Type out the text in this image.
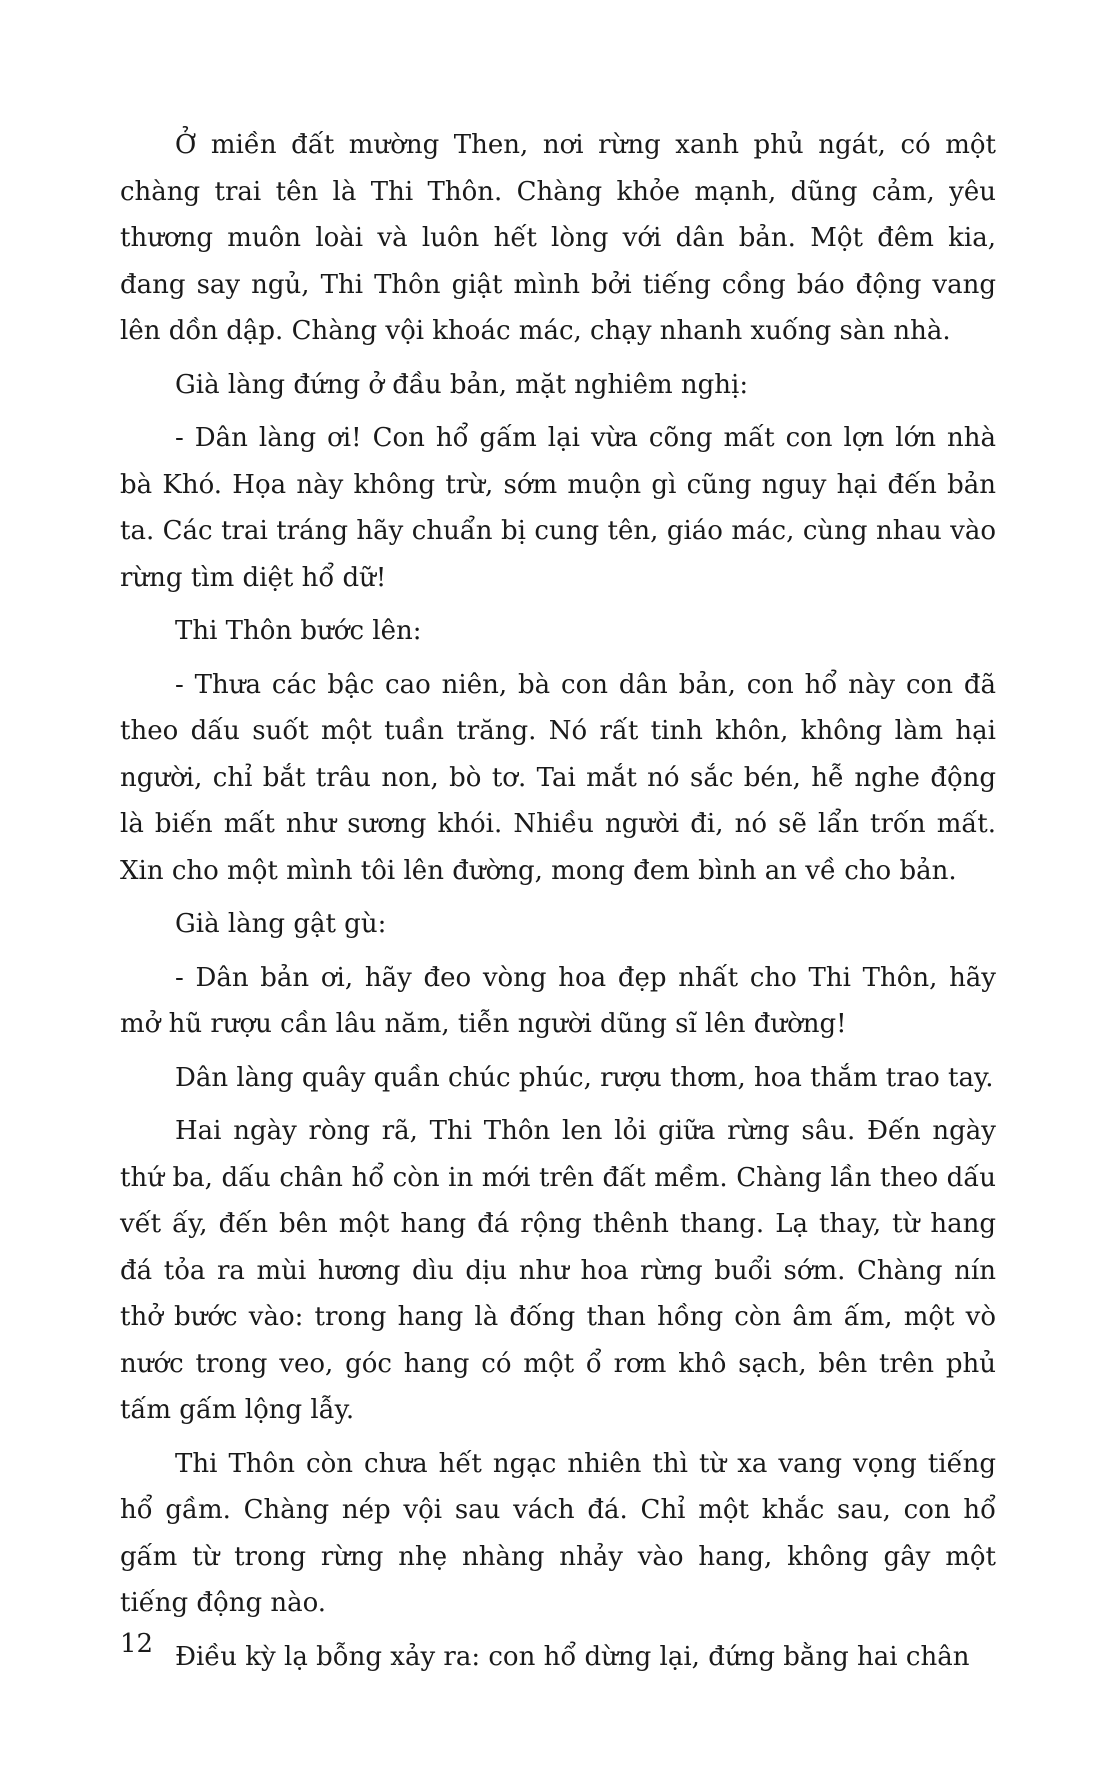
Ở miền đất mường Then, nơi rừng xanh phủ ngát, có một chàng trai tên là Thi Thôn. Chàng khỏe mạnh, dũng cảm, yêu thương muôn loài và luôn hết lòng với dân bản. Một đêm kia, đang say ngủ, Thi Thôn giật mình bởi tiếng cồng báo động vang lên dồn dập. Chàng vội khoác mác, chạy nhanh xuống sàn nhà.

Già làng đứng ở đầu bản, mặt nghiêm nghị:

- Dân làng ơi! Con hổ gấm lại vừa cõng mất con lợn lớn nhà bà Khó. Họa này không trừ, sớm muộn gì cũng nguy hại đến bản ta. Các trai tráng hãy chuẩn bị cung tên, giáo mác, cùng nhau vào rừng tìm diệt hổ dữ!

Thi Thôn bước lên:

- Thưa các bậc cao niên, bà con dân bản, con hổ này con đã theo dấu suốt một tuần trăng. Nó rất tinh khôn, không làm hại người, chỉ bắt trâu non, bò tơ. Tai mắt nó sắc bén, hễ nghe động là biến mất như sương khói. Nhiều người đi, nó sẽ lẩn trốn mất. Xin cho một mình tôi lên đường, mong đem bình an về cho bản.

Già làng gật gù:

- Dân bản ơi, hãy đeo vòng hoa đẹp nhất cho Thi Thôn, hãy mở hũ rượu cần lâu năm, tiễn người dũng sĩ lên đường!

Dân làng quây quần chúc phúc, rượu thơm, hoa thắm trao tay.

Hai ngày ròng rã, Thi Thôn len lỏi giữa rừng sâu. Đến ngày thứ ba, dấu chân hổ còn in mới trên đất mềm. Chàng lần theo dấu vết ấy, đến bên một hang đá rộng thênh thang. Lạ thay, từ hang đá tỏa ra mùi hương dìu dịu như hoa rừng buổi sớm. Chàng nín thở bước vào: trong hang là đống than hồng còn âm ấm, một vò nước trong veo, góc hang có một ổ rơm khô sạch, bên trên phủ tấm gấm lộng lẫy.

Thi Thôn còn chưa hết ngạc nhiên thì từ xa vang vọng tiếng hổ gầm. Chàng nép vội sau vách đá. Chỉ một khắc sau, con hổ gấm từ trong rừng nhẹ nhàng nhảy vào hang, không gây một tiếng động nào.

Điều kỳ lạ bỗng xảy ra: con hổ dừng lại, đứng bằng hai chân

12
